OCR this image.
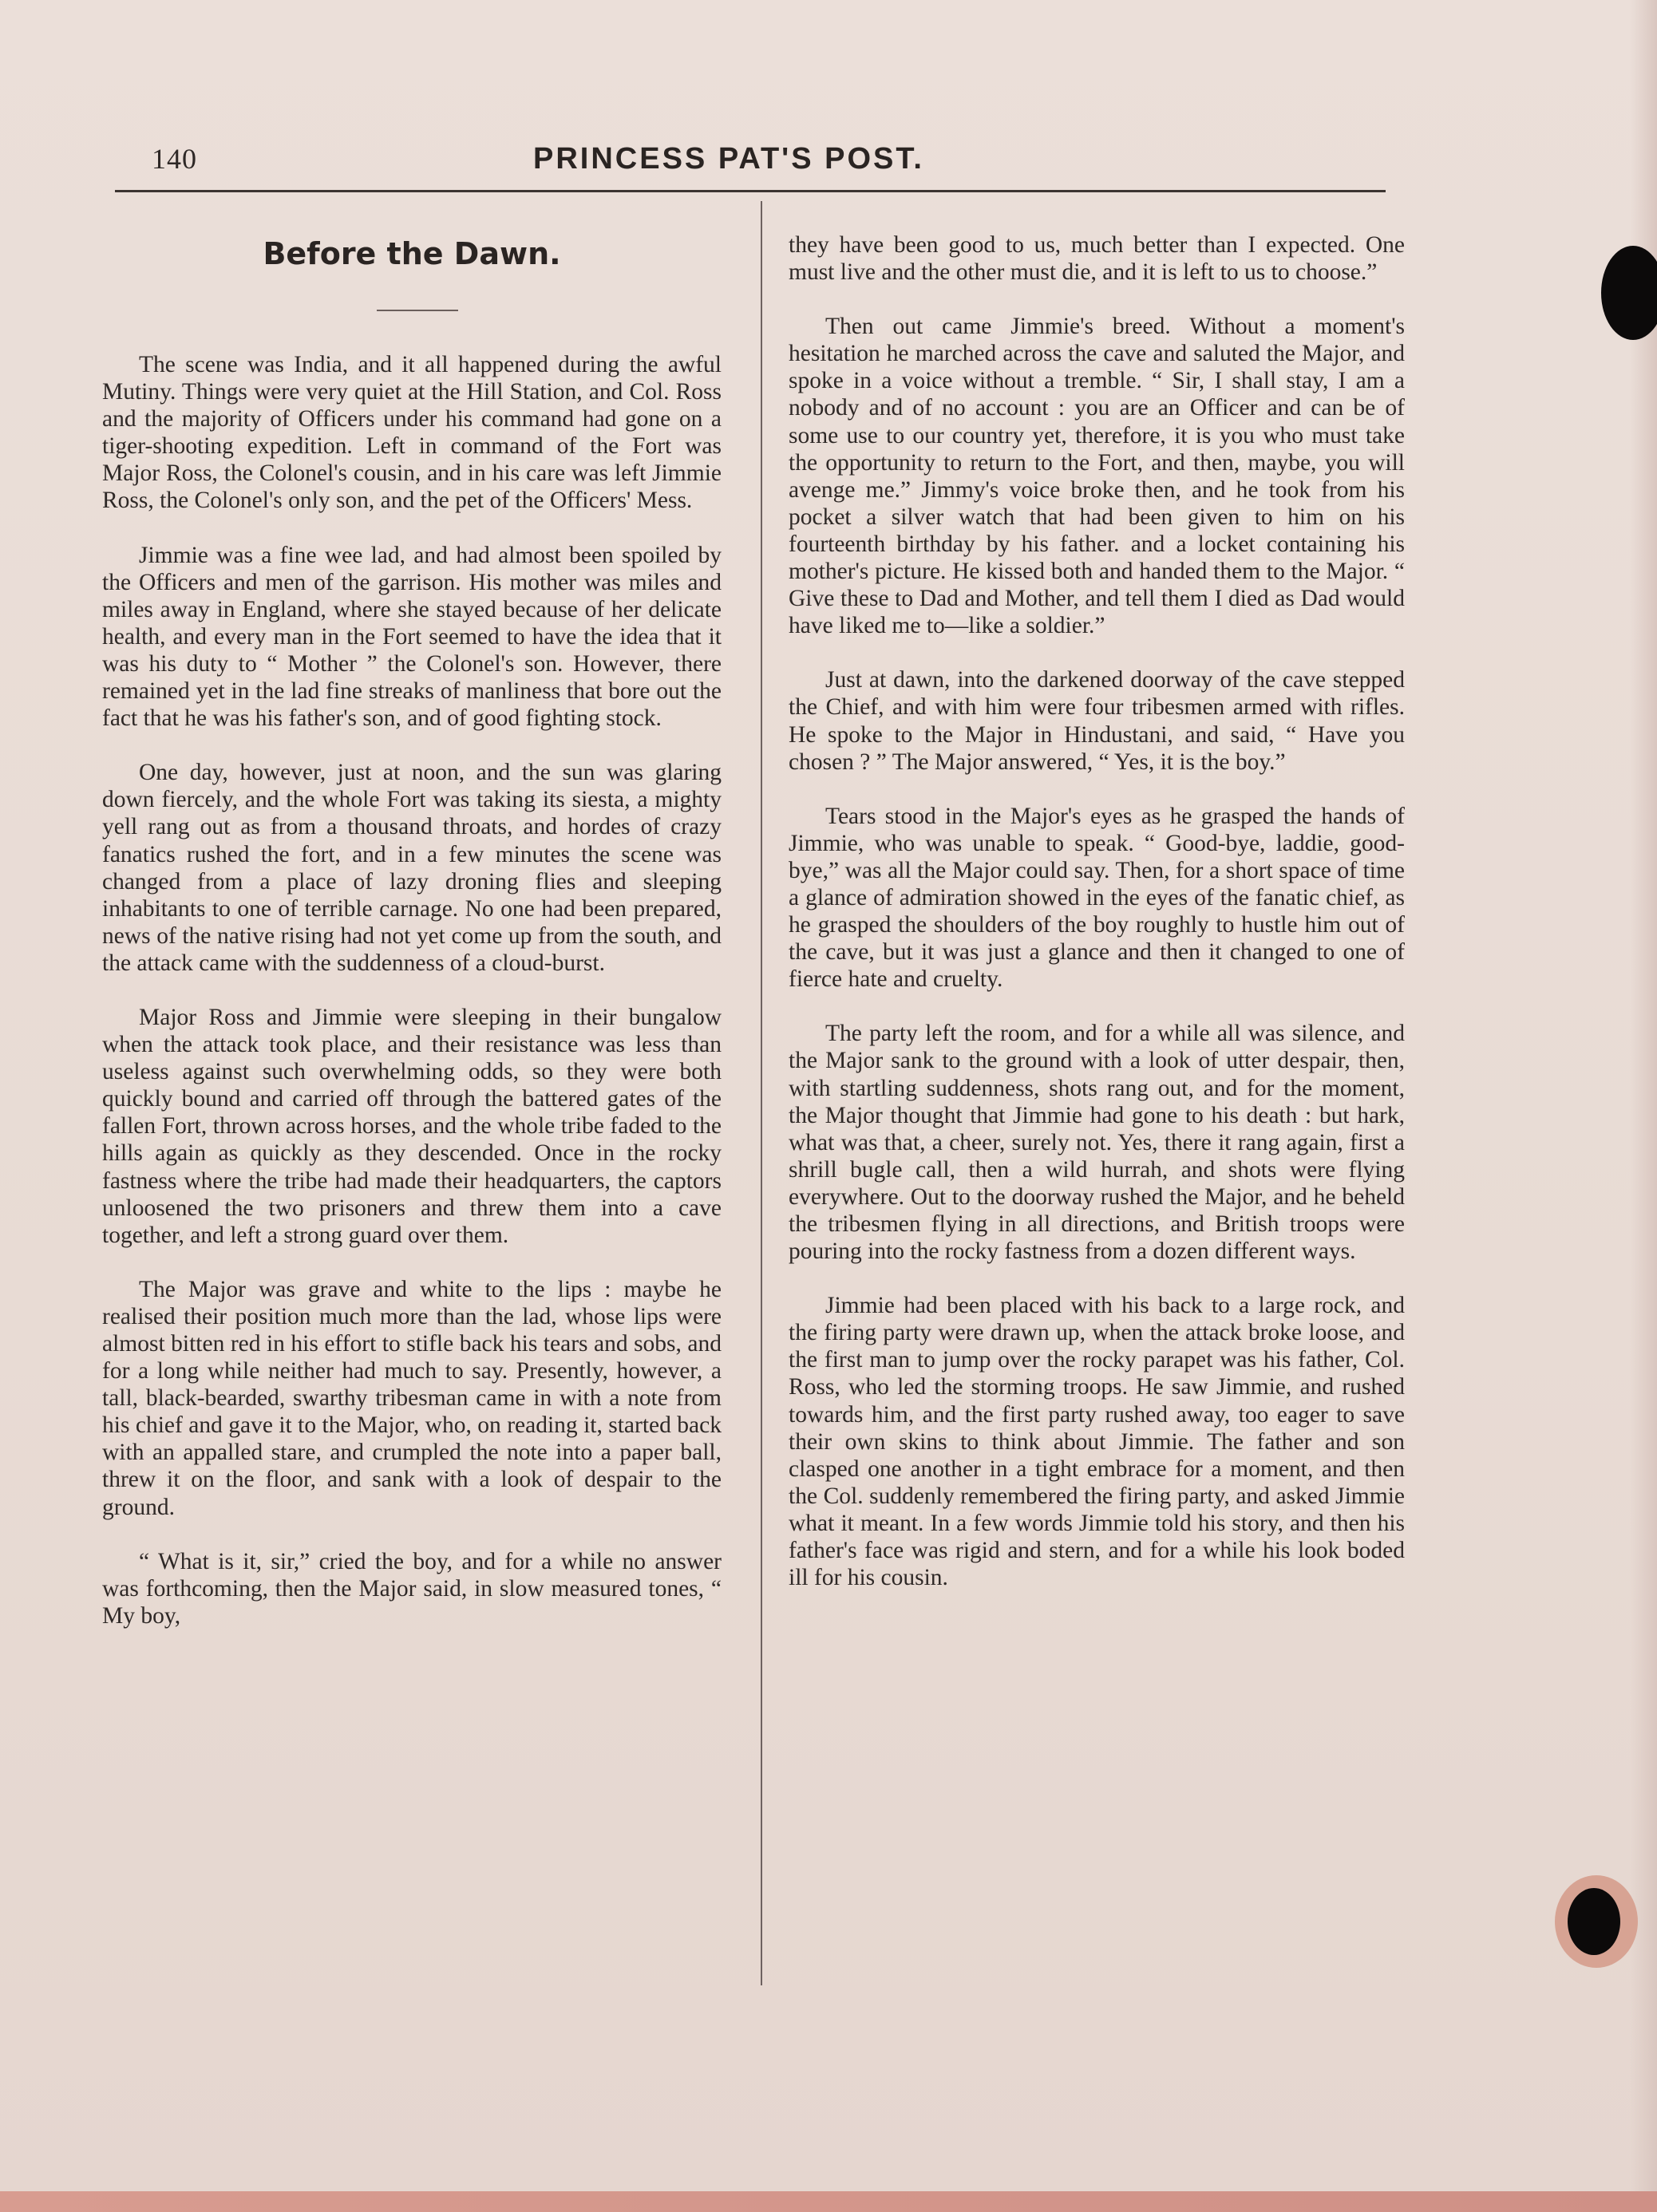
140	PRINCESS PAT'S POST.
Before the Dawn.

The scene was India, and it all happened during the awful Mutiny. Things were very quiet at the Hill Station, and Col. Ross and the majority of Officers under his command had gone on a tiger-shooting expedition. Left in command of the Fort was Major Ross, the Colonel's cousin, and in his care was left Jimmie Ross, the Colonel's only son, and the pet of the Officers' Mess.

Jimmie was a fine wee lad, and had almost been spoiled by the Officers and men of the garrison. His mother was miles and miles away in England, where she stayed because of her delicate health, and every man in the Fort seemed to have the idea that it was his duty to “ Mother ” the Colonel's son. However, there remained yet in the lad fine streaks of manliness that bore out the fact that he was his father's son, and of good fighting stock.

One day, however, just at noon, and the sun was glaring down fiercely, and the whole Fort was taking its siesta, a mighty yell rang out as from a thousand throats, and hordes of crazy fanatics rushed the fort, and in a few minutes the scene was changed from a place of lazy droning flies and sleeping inhabitants to one of terrible carnage. No one had been prepared, news of the native rising had not yet come up from the south, and the attack came with the suddenness of a cloud-burst.

Major Ross and Jimmie were sleeping in their bungalow when the attack took place, and their resistance was less than useless against such overwhelming odds, so they were both quickly bound and carried off through the battered gates of the fallen Fort, thrown across horses, and the whole tribe faded to the hills again as quickly as they descended. Once in the rocky fastness where the tribe had made their headquarters, the captors unloosened the two prisoners and threw them into a cave together, and left a strong guard over them.

The Major was grave and white to the lips : maybe he realised their position much more than the lad, whose lips were almost bitten red in his effort to stifle back his tears and sobs, and for a long while neither had much to say. Presently, however, a tall, black-bearded, swarthy tribesman came in with a note from his chief and gave it to the Major, who, on reading it, started back with an appalled stare, and crumpled the note into a paper ball, threw it on the floor, and sank with a look of despair to the ground.

“ What is it, sir,” cried the boy, and for a while no answer was forthcoming, then the Major said, in slow measured tones, “ My boy,

they have been good to us, much better than I expected. One must live and the other must die, and it is left to us to choose.”

Then out came Jimmie's breed. Without a moment's hesitation he marched across the cave and saluted the Major, and spoke in a voice without a tremble. “ Sir, I shall stay, I am a nobody and of no account : you are an Officer and can be of some use to our country yet, therefore, it is you who must take the opportunity to return to the Fort, and then, maybe, you will avenge me.” Jimmy's voice broke then, and he took from his pocket a silver watch that had been given to him on his fourteenth birthday by his father. and a locket containing his mother's picture. He kissed both and handed them to the Major. “ Give these to Dad and Mother, and tell them I died as Dad would have liked me to—like a soldier.”

Just at dawn, into the darkened doorway of the cave stepped the Chief, and with him were four tribesmen armed with rifles. He spoke to the Major in Hindustani, and said, “ Have you chosen ? ” The Major answered, “ Yes, it is the boy.”

Tears stood in the Major's eyes as he grasped the hands of Jimmie, who was unable to speak. “ Good-bye, laddie, good-bye,” was all the Major could say. Then, for a short space of time a glance of admiration showed in the eyes of the fanatic chief, as he grasped the shoulders of the boy roughly to hustle him out of the cave, but it was just a glance and then it changed to one of fierce hate and cruelty.

The party left the room, and for a while all was silence, and the Major sank to the ground with a look of utter despair, then, with startling suddenness, shots rang out, and for the moment, the Major thought that Jimmie had gone to his death : but hark, what was that, a cheer, surely not. Yes, there it rang again, first a shrill bugle call, then a wild hurrah, and shots were flying everywhere. Out to the doorway rushed the Major, and he beheld the tribesmen flying in all directions, and British troops were pouring into the rocky fastness from a dozen different ways.

Jimmie had been placed with his back to a large rock, and the firing party were drawn up, when the attack broke loose, and the first man to jump over the rocky parapet was his father, Col. Ross, who led the storming troops. He saw Jimmie, and rushed towards him, and the first party rushed away, too eager to save their own skins to think about Jimmie. The father and son clasped one another in a tight embrace for a moment, and then the Col. suddenly remembered the firing party, and asked Jimmie what it meant. In a few words Jimmie told his story, and then his father's face was rigid and stern, and for a while his look boded ill for his cousin.
